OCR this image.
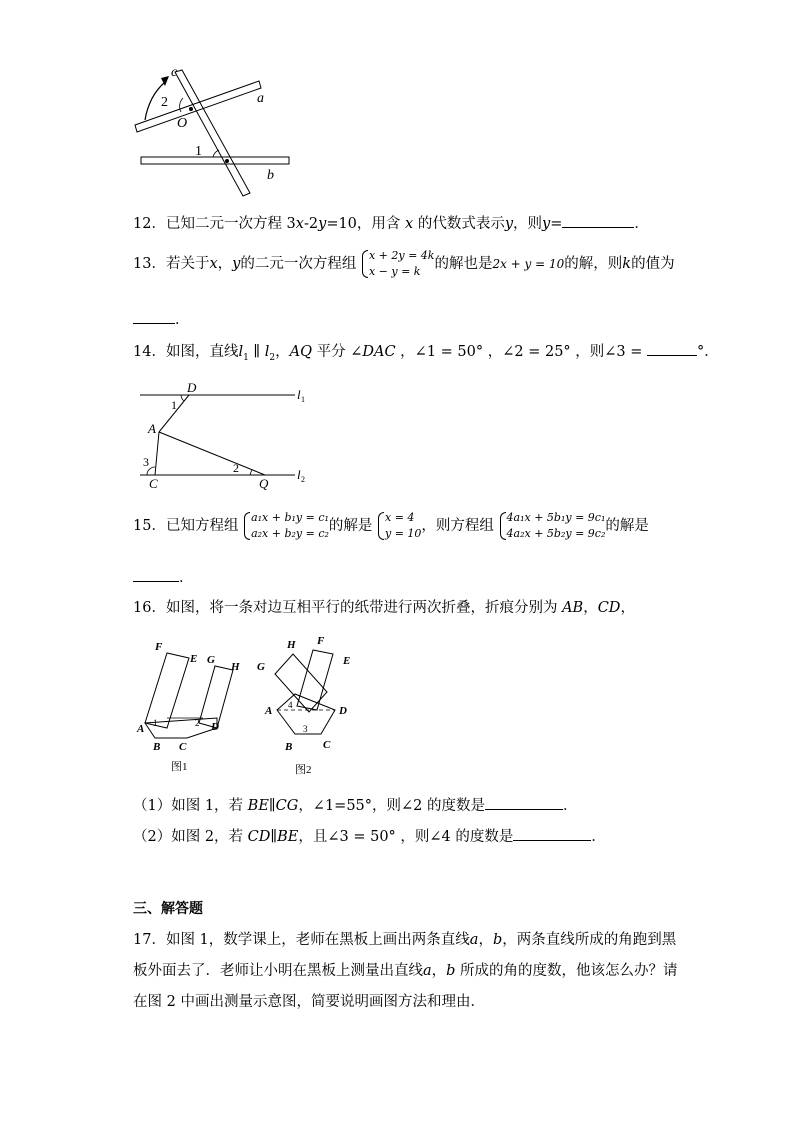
c
a
b
O
1
2
12．已知二元一次方程 3x-2y=10，用含 x 的代数式表示y，则y=	．
13．若关于x，y的二元一次方程组
x + 2y = 4k
x − y = k 的解也是2x + y = 10的解，则k的值为
．
14．如图，直线$l_1$ ∥ $l_2$，AQ 平分 ∠DAC ，∠1 = 50° ，∠2 = 25° ，则∠3 =	°．
D
A
C	Q
l 1
l 2
1
2
3
15．已知方程组
a₁x + b₁y = c₁
a₂x + b₂y = c₂ 的解是
x = 4
y = 10 ，则方程组
4a₁x + 5b₁y = 9c₁
4a₂x + 5b₂y = 9c₂ 的解是
．
16．如图，将一条对边互相平行的纸带进行两次折叠，折痕分别为 AB，CD，
F
E G
H
A
B C
D
1	2
图1
H F
G	E
A	D
B	C
4
3
图2
（1）如图 1，若 BE∥CG，∠1=55°，则∠2 的度数是	．
（2）如图 2，若 CD∥BE，且∠3 = 50° ，则∠4 的度数是	．
三、解答题
17．如图 1，数学课上，老师在黑板上画出两条直线a，b，两条直线所成的角跑到黑
板外面去了．老师让小明在黑板上测量出直线a，b 所成的角的度数，他该怎么办？请
在图 2 中画出测量示意图，简要说明画图方法和理由．
